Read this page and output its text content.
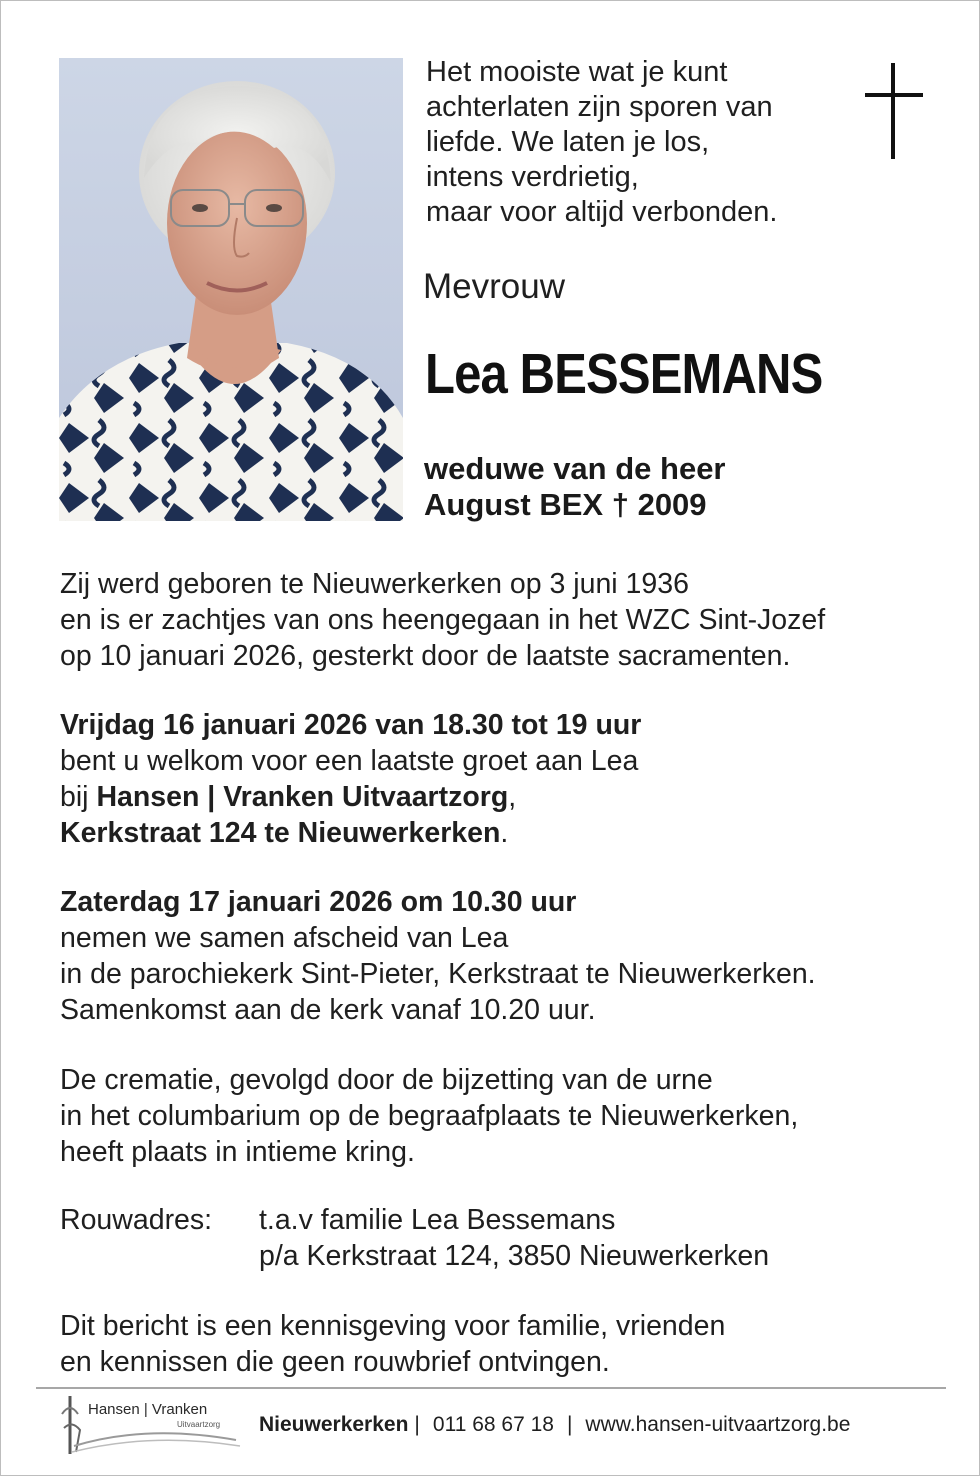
Het mooiste wat je kunt
achterlaten zijn sporen van
liefde. We laten je los,
intens verdrietig,
maar voor altijd verbonden.
Mevrouw
Lea BESSEMANS
weduwe van de heer
August BEX † 2009
Zij werd geboren te Nieuwerkerken op 3 juni 1936
en is er zachtjes van ons heengegaan in het WZC Sint-Jozef
op 10 januari 2026, gesterkt door de laatste sacramenten.
Vrijdag 16 januari 2026 van 18.30 tot 19 uur
bent u welkom voor een laatste groet aan Lea
bij Hansen | Vranken Uitvaartzorg,
Kerkstraat 124 te Nieuwerkerken.
Zaterdag 17 januari 2026 om 10.30 uur
nemen we samen afscheid van Lea
in de parochiekerk Sint-Pieter, Kerkstraat te Nieuwerkerken.
Samenkomst aan de kerk vanaf 10.20 uur.
De crematie, gevolgd door de bijzetting van de urne
in het columbarium op de begraafplaats te Nieuwerkerken,
heeft plaats in intieme kring.
Rouwadres: t.a.v familie Lea Bessemans
p/a Kerkstraat 124, 3850 Nieuwerkerken
Dit bericht is een kennisgeving voor familie, vrienden
en kennissen die geen rouwbrief ontvingen.
Hansen | Vranken
Uitvaartzorg Nieuwerkerken | 011 68 67 18 | www.hansen-uitvaartzorg.be
